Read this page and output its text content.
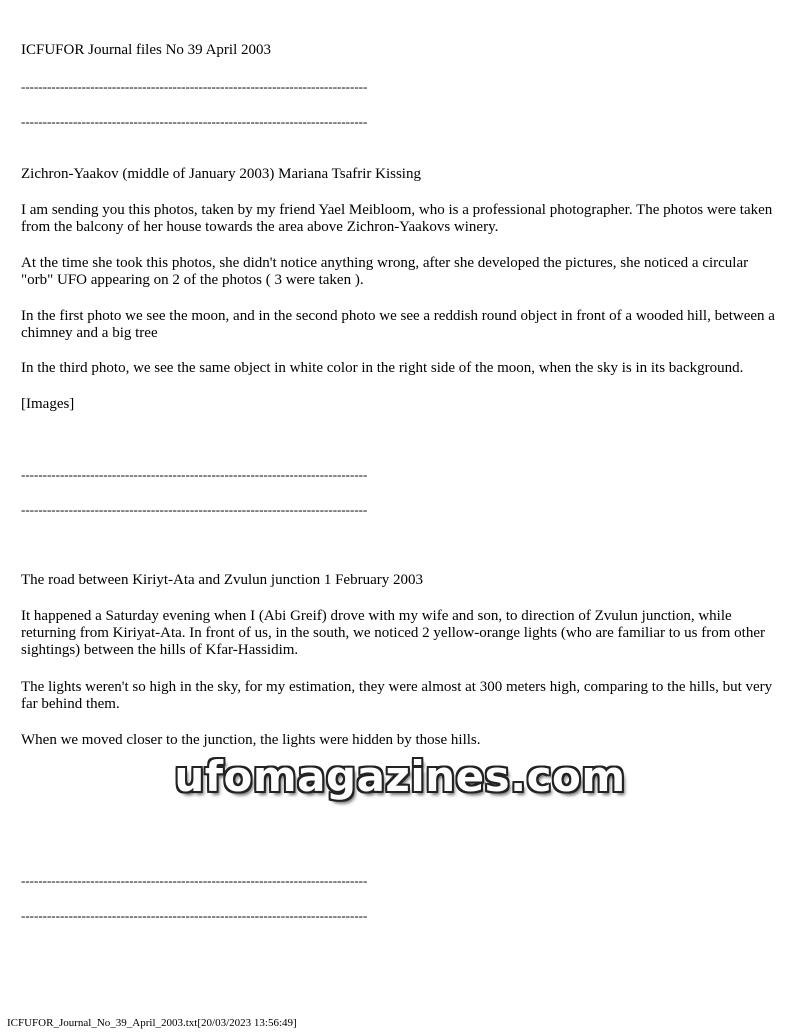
ICFUFOR Journal files No 39 April 2003
--------------------------------------------------------------------------------
--------------------------------------------------------------------------------
Zichron-Yaakov (middle of January 2003) Mariana Tsafrir Kissing
I am sending you this photos, taken by my friend Yael Meibloom, who is a professional photographer. The photos were taken from the balcony of her house towards the area above Zichron-Yaakovs winery.
At the time she took this photos, she didn't notice anything wrong, after she developed the pictures, she noticed a circular "orb" UFO appearing on 2 of the photos ( 3 were taken ).
In the first photo we see the moon, and in the second photo we see a reddish round object in front of a wooded hill, between a chimney and a big tree
In the third photo, we see the same object in white color in the right side of the moon, when the sky is in its background.
[Images]
--------------------------------------------------------------------------------
--------------------------------------------------------------------------------
The road between Kiriyt-Ata and Zvulun junction 1 February 2003
It happened a Saturday evening when I (Abi Greif) drove with my wife and son, to direction of Zvulun junction, while returning from Kiriyat-Ata. In front of us, in the south, we noticed 2 yellow-orange lights (who are familiar to us from other sightings) between the hills of Kfar-Hassidim.
The lights weren't so high in the sky, for my estimation, they were almost at 300 meters high, comparing to the hills, but very far behind them.
When we moved closer to the junction, the lights were hidden by those hills.
ufomagazines.com
--------------------------------------------------------------------------------
--------------------------------------------------------------------------------
ICFUFOR_Journal_No_39_April_2003.txt[20/03/2023 13:56:49]
